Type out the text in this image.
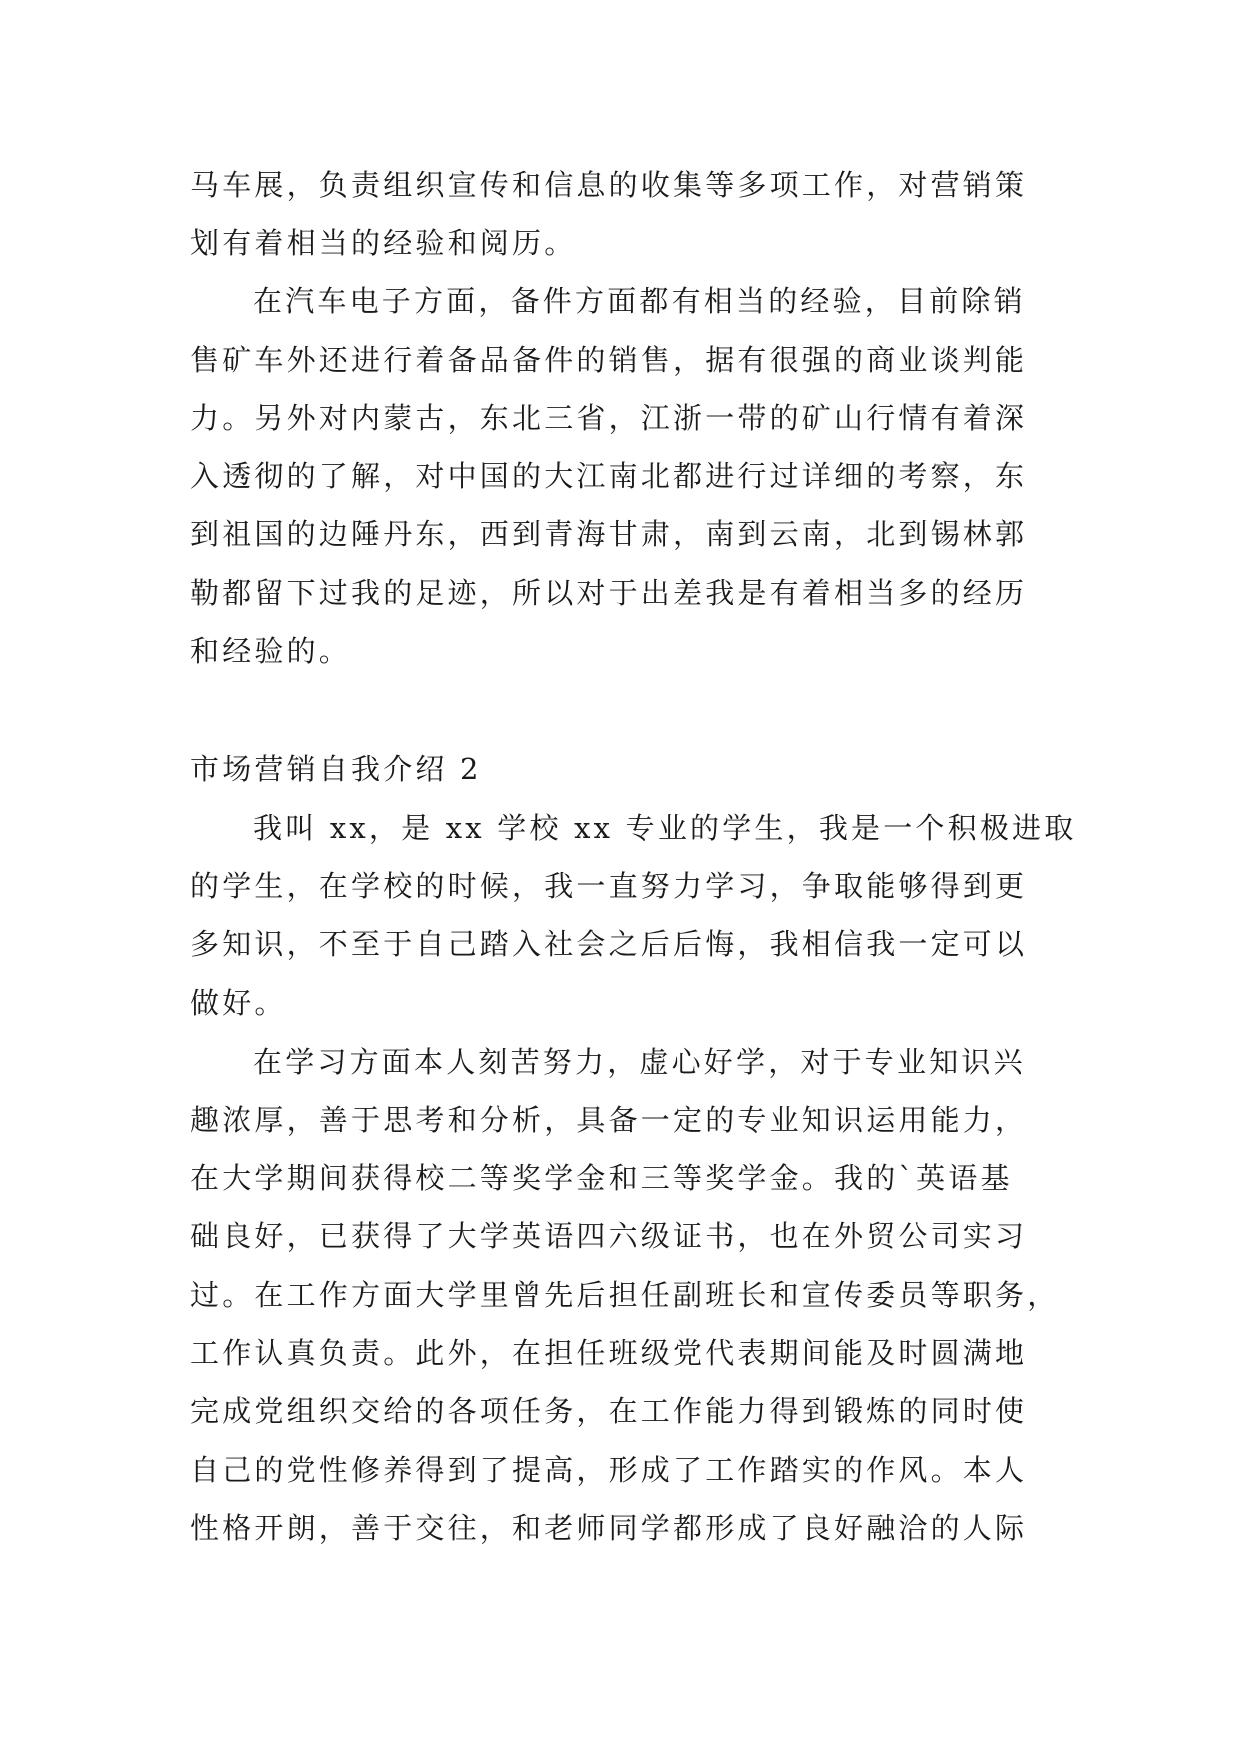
马车展，负责组织宣传和信息的收集等多项工作，对营销策
划有着相当的经验和阅历。
在汽车电子方面，备件方面都有相当的经验，目前除销
售矿车外还进行着备品备件的销售，据有很强的商业谈判能
力。另外对内蒙古，东北三省，江浙一带的矿山行情有着深
入透彻的了解，对中国的大江南北都进行过详细的考察，东
到祖国的边陲丹东，西到青海甘肃，南到云南，北到锡林郭
勒都留下过我的足迹，所以对于出差我是有着相当多的经历
和经验的。
市场营销自我介绍 2
我叫 xx，是 xx 学校 xx 专业的学生，我是一个积极进取
的学生，在学校的时候，我一直努力学习，争取能够得到更
多知识，不至于自己踏入社会之后后悔，我相信我一定可以
做好。
在学习方面本人刻苦努力，虚心好学，对于专业知识兴
趣浓厚，善于思考和分析，具备一定的专业知识运用能力，
在大学期间获得校二等奖学金和三等奖学金。我的`英语基
础良好，已获得了大学英语四六级证书，也在外贸公司实习
过。在工作方面大学里曾先后担任副班长和宣传委员等职务，
工作认真负责。此外，在担任班级党代表期间能及时圆满地
完成党组织交给的各项任务，在工作能力得到锻炼的同时使
自己的党性修养得到了提高，形成了工作踏实的作风。本人
性格开朗，善于交往，和老师同学都形成了良好融洽的人际
